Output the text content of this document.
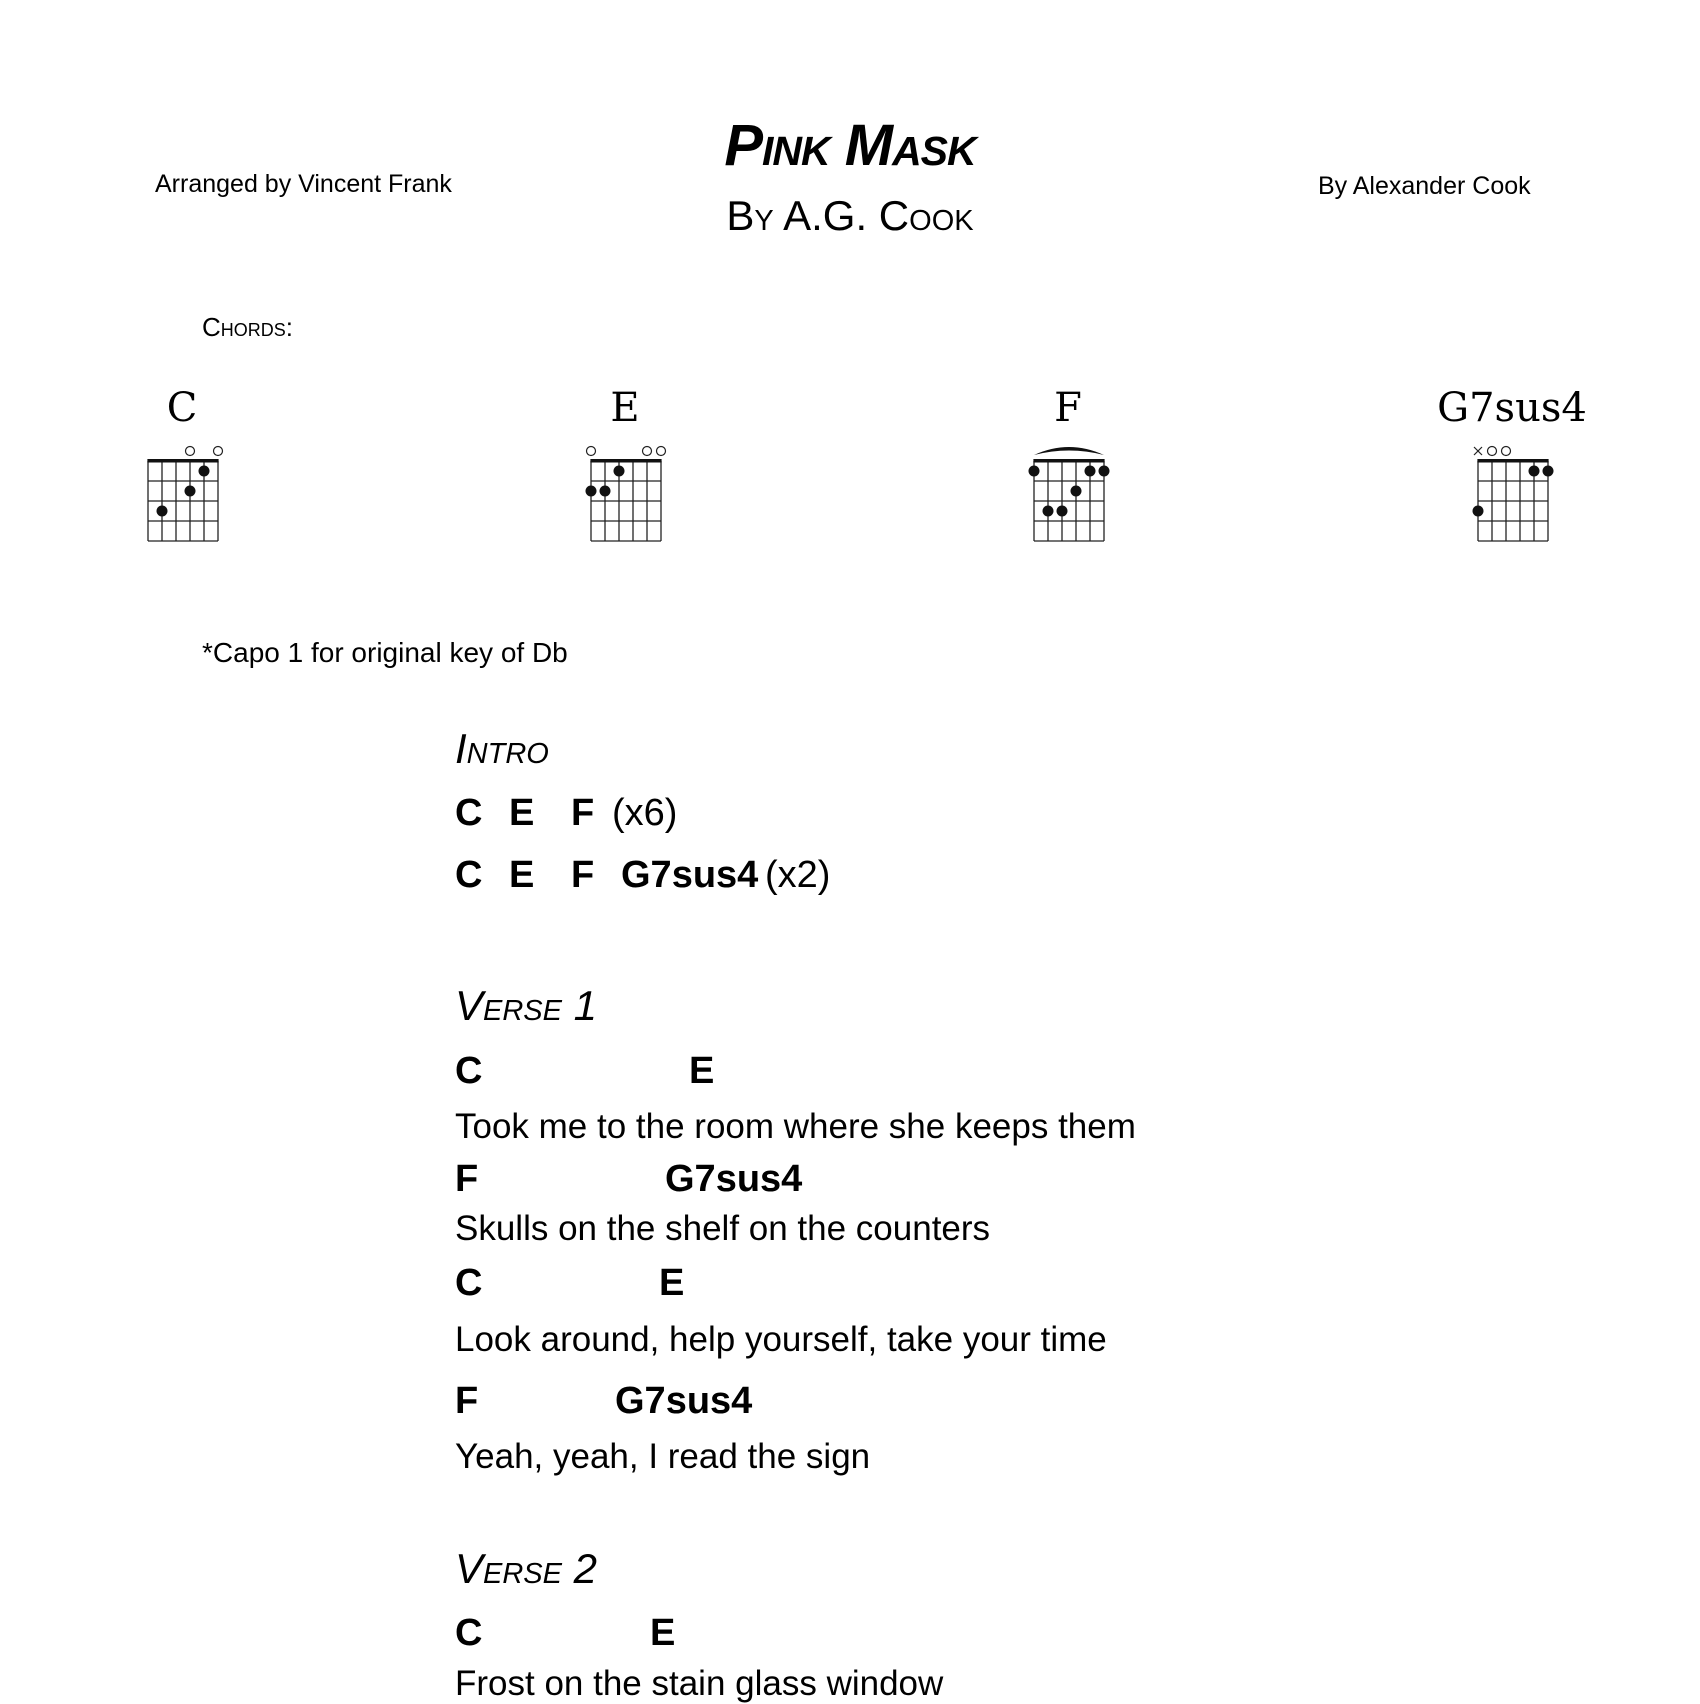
Arranged by Vincent Frank
Pink Mask
By A.G. Cook
By Alexander Cook
Chords:
C	E	F	G7sus4
*Capo 1 for original key of Db
Intro
C E F (x6)
C E F G7sus4 (x2)
Verse 1
C	E
Took me to the room where she keeps them
F	G7sus4
Skulls on the shelf on the counters
C	E
Look around, help yourself, take your time
F	G7sus4
Yeah, yeah, I read the sign
Verse 2
C	E
Frost on the stain glass window
